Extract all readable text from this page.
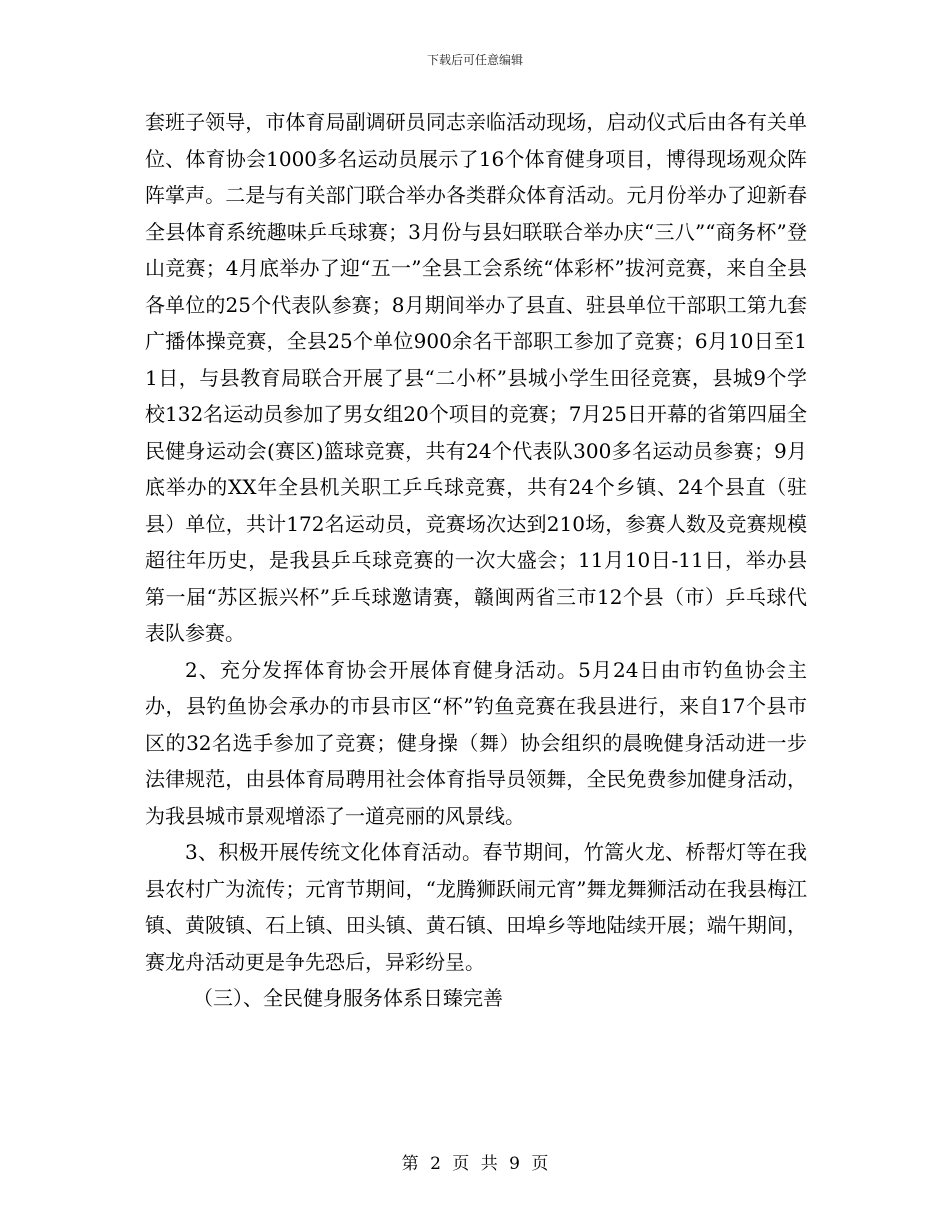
下载后可任意编辑

套班子领导，市体育局副调研员同志亲临活动现场，启动仪式后由各有关单位、体育协会1000多名运动员展示了16个体育健身项目，博得现场观众阵阵掌声。二是与有关部门联合举办各类群众体育活动。元月份举办了迎新春全县体育系统趣味乒乓球赛；3月份与县妇联联合举办庆“三八”“商务杯”登山竞赛；4月底举办了迎“五一”全县工会系统“体彩杯”拔河竞赛，来自全县各单位的25个代表队参赛；8月期间举办了县直、驻县单位干部职工第九套广播体操竞赛，全县25个单位900余名干部职工参加了竞赛；6月10日至11日，与县教育局联合开展了县“二小杯”县城小学生田径竞赛，县城9个学校132名运动员参加了男女组20个项目的竞赛；7月25日开幕的省第四届全民健身运动会(赛区)篮球竞赛，共有24个代表队300多名运动员参赛；9月底举办的XX年全县机关职工乒乓球竞赛，共有24个乡镇、24个县直（驻县）单位，共计172名运动员，竞赛场次达到210场，参赛人数及竞赛规模超往年历史，是我县乒乓球竞赛的一次大盛会；11月10日-11日，举办县第一届“苏区振兴杯”乒乓球邀请赛，赣闽两省三市12个县（市）乒乓球代表队参赛。

2、充分发挥体育协会开展体育健身活动。5月24日由市钓鱼协会主办，县钓鱼协会承办的市县市区“杯”钓鱼竞赛在我县进行，来自17个县市区的32名选手参加了竞赛；健身操（舞）协会组织的晨晚健身活动进一步法律规范，由县体育局聘用社会体育指导员领舞，全民免费参加健身活动，为我县城市景观增添了一道亮丽的风景线。

3、积极开展传统文化体育活动。春节期间，竹篙火龙、桥帮灯等在我县农村广为流传；元宵节期间，“龙腾狮跃闹元宵”舞龙舞狮活动在我县梅江镇、黄陂镇、石上镇、田头镇、黄石镇、田埠乡等地陆续开展；端午期间，赛龙舟活动更是争先恐后，异彩纷呈。

（三）、全民健身服务体系日臻完善

第 2 页 共 9 页
